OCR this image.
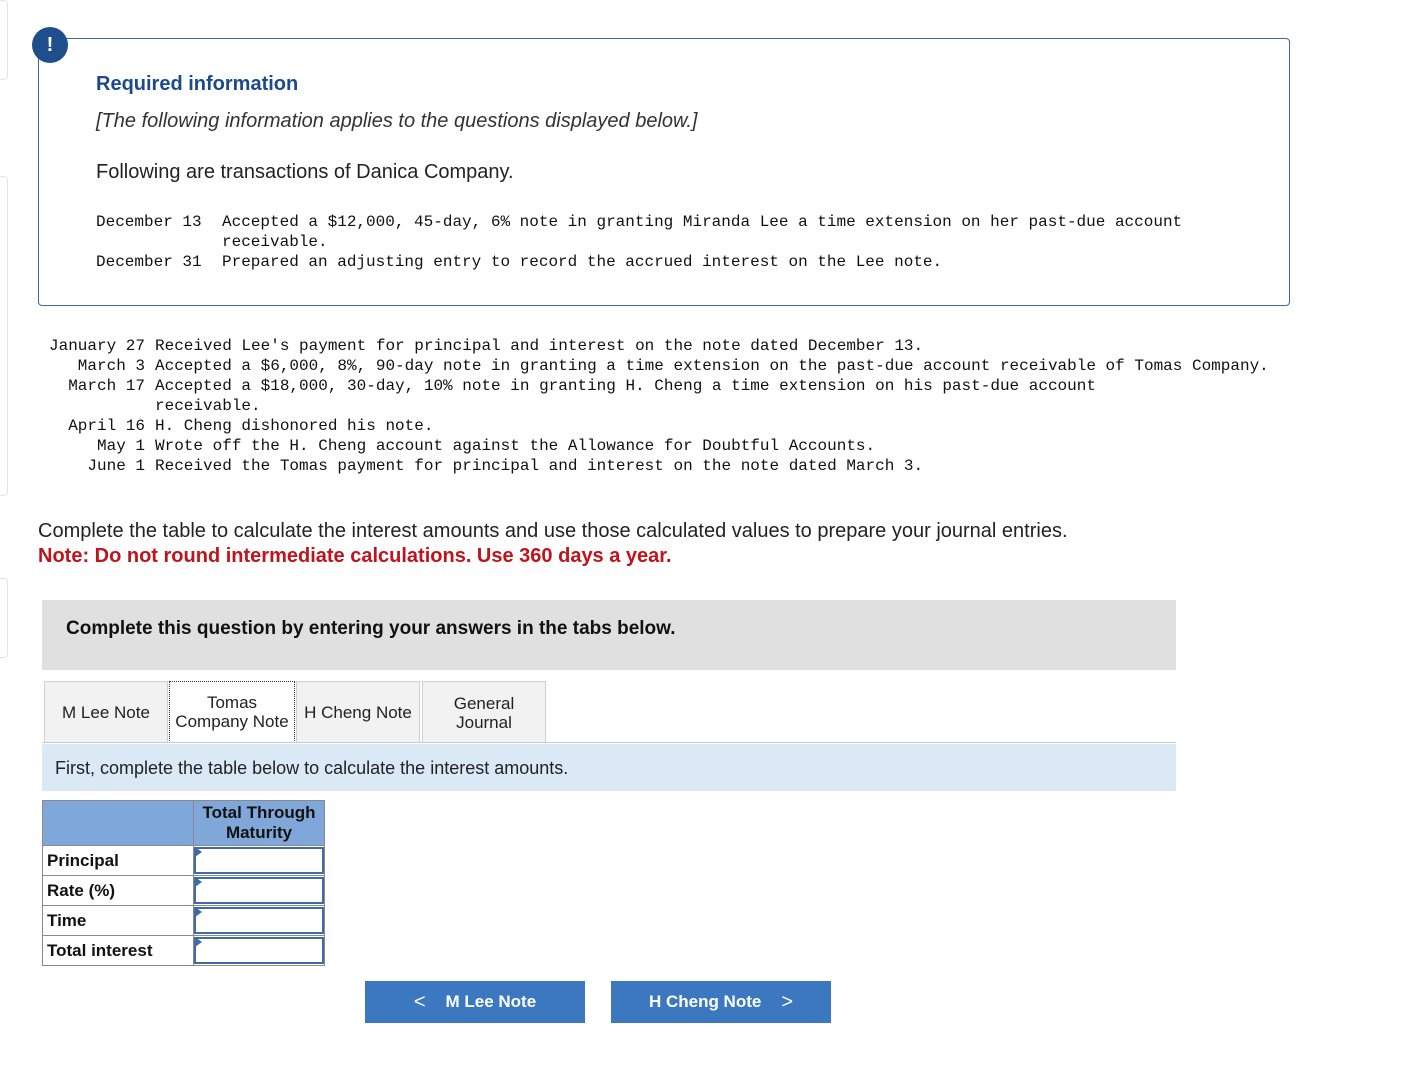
Required information
[The following information applies to the questions displayed below.]
Following are transactions of Danica Company.
December 13	Accepted a $12,000, 45-day, 6% note in granting Miranda Lee a time extension on her past-due account receivable.
December 31	Prepared an adjusting entry to record the accrued interest on the Lee note.
!
January 27	Received Lee's payment for principal and interest on the note dated December 13.
March 3	Accepted a $6,000, 8%, 90-day note in granting a time extension on the past-due account receivable of Tomas Company.
March 17	Accepted a $18,000, 30-day, 10% note in granting H. Cheng a time extension on his past-due account receivable.
April 16	H. Cheng dishonored his note.
May 1	Wrote off the H. Cheng account against the Allowance for Doubtful Accounts.
June 1	Received the Tomas payment for principal and interest on the note dated March 3.
Complete the table to calculate the interest amounts and use those calculated values to prepare your journal entries.
Note: Do not round intermediate calculations. Use 360 days a year.
Complete this question by entering your answers in the tabs below.
M Lee Note
Tomas
Company Note H Cheng Note General
Journal
First, complete the table below to calculate the interest amounts.
	Total Through
Maturity
Principal	

Rate (%)	

Time	

Total interest	
< M Lee Note	H Cheng Note >
